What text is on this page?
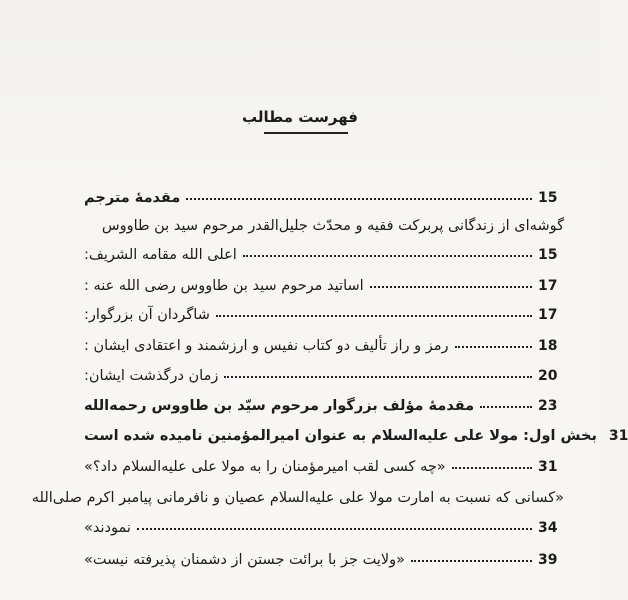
فهرست مطالب
مقدمهٔ مترجم	15
گوشه‌ای از زندگانی پربرکت فقیه و محدّث جلیل‌القدر مرحوم سید بن طاووس
اعلی الله مقامه الشریف:	15
اساتید مرحوم سید بن طاووس رضی الله عنه :	17
شاگردان آن بزرگوار:	17
رمز و راز تألیف دو کتاب نفیس و ارزشمند و اعتقادی ایشان :	18
زمان درگذشت ایشان:	20
مقدمهٔ مؤلف بزرگوار مرحوم سیّد بن طاووس رحمه‌الله	23
بخش اول: مولا علی علیه‌السلام به عنوان امیرالمؤمنین نامیده شده است 31
«چه کسی لقب امیرمؤمنان را به مولا علی علیه‌السلام داد؟»	31
«کسانی که نسبت به امارت مولا علی علیه‌السلام عصیان و نافرمانی پیامبر اکرم صلی‌الله
نمودند»	34
«ولایت جز با برائت جستن از دشمنان پذیرفته نیست»	39
